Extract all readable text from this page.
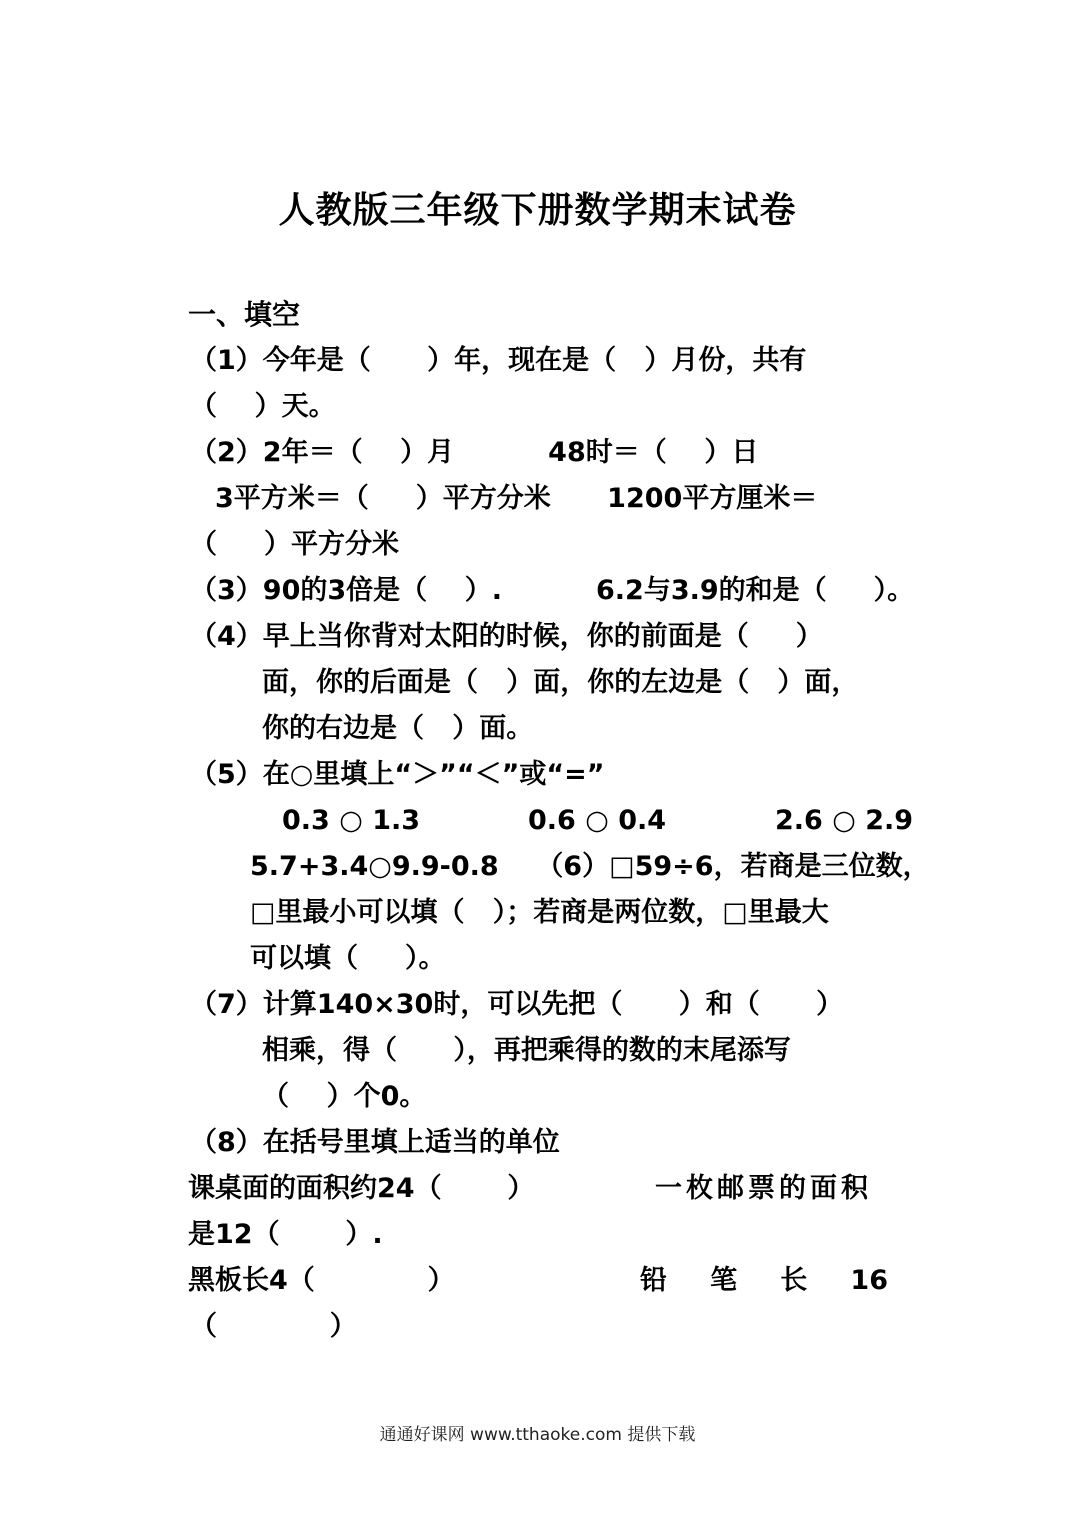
人教版三年级下册数学期末试卷
一、填空
（1）今年是（      ）年，现在是（   ）月份，共有
（    ）天。
（2）2年＝（    ）月          48时＝（    ）日
3平方米＝（     ）平方分米      1200平方厘米＝
（     ）平方分米
（3）90的3倍是（    ）.          6.2与3.9的和是（     ）。
（4）早上当你背对太阳的时候，你的前面是（     ）
面，你的后面是（   ）面，你的左边是（   ）面，
你的右边是（   ）面。
（5）在○里填上“＞”“＜”或“=”
0.3 ○ 1.3	0.6 ○ 0.4	2.6 ○ 2.9
5.7+3.4○9.9-0.8    （6）□59÷6，若商是三位数，
□里最小可以填（   ）；若商是两位数，□里最大
可以填（     ）。
（7）计算140×30时，可以先把（      ）和（      ）
相乘，得（      ），再把乘得的数的末尾添写
（    ）个0。
（8）在括号里填上适当的单位
课桌面的面积约24（       ）	一枚邮票的面积
是12（       ）.
黑板长4（            ）	铅 笔 长 16
（            ）
通通好课网 www.tthaoke.com 提供下载
